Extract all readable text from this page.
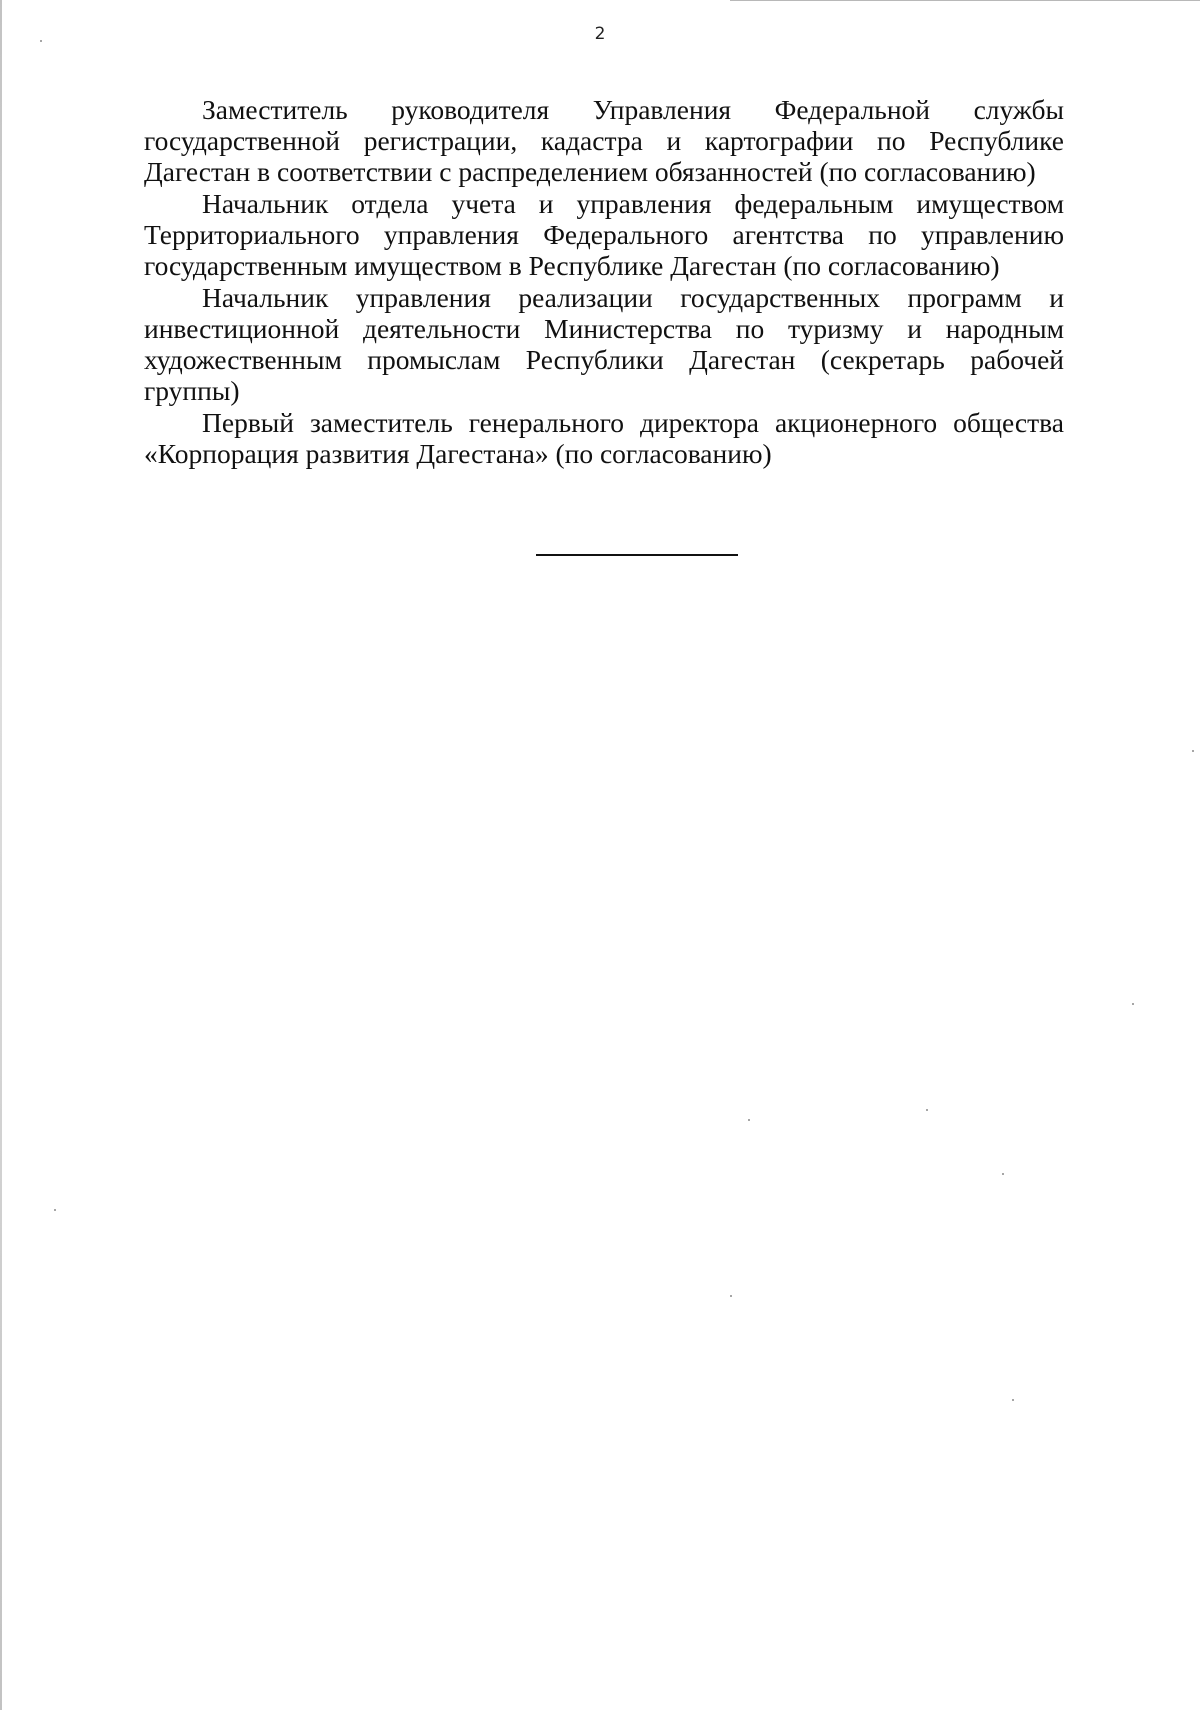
2

Заместитель руководителя Управления Федеральной службы государственной регистрации, кадастра и картографии по Республике Дагестан в соответствии с распределением обязанностей (по согласованию)

Начальник отдела учета и управления федеральным имуществом Территориального управления Федерального агентства по управлению государственным имуществом в Республике Дагестан (по согласованию)

Начальник управления реализации государственных программ и инвестиционной деятельности Министерства по туризму и народным художественным промыслам Республики Дагестан (секретарь рабочей группы)

Первый заместитель генерального директора акционерного общества «Корпорация развития Дагестана» (по согласованию)
